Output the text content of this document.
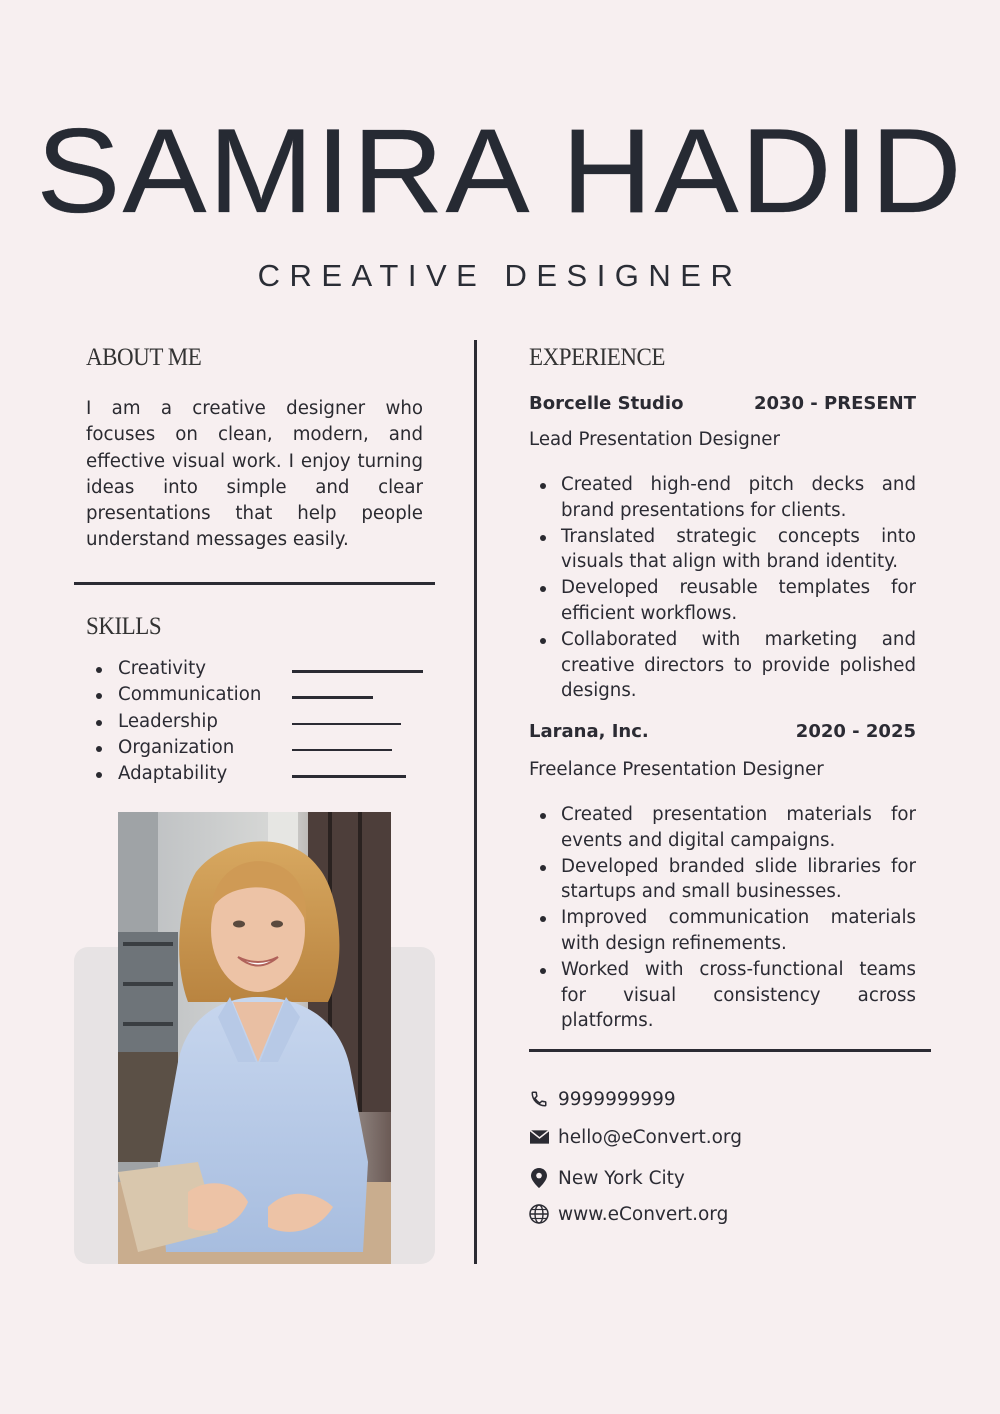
SAMIRA HADID
CREATIVE DESIGNER
ABOUT ME

I am a creative designer who focuses on clean, modern, and effective visual work. I enjoy turning ideas into simple and clear presentations that help people understand messages easily.

SKILLS
Creativity
Communication
Leadership
Organization
Adaptability
EXPERIENCE
Borcelle Studio	2030 - PRESENT
Lead Presentation Designer
Created high-end pitch decks and brand presentations for clients.
Translated strategic concepts into visuals that align with brand identity.
Developed reusable templates for efficient workflows.
Collaborated with marketing and creative directors to provide polished designs.
Larana, Inc.	2020 - 2025
Freelance Presentation Designer
Created presentation materials for events and digital campaigns.
Developed branded slide libraries for startups and small businesses.
Improved communication materials with design refinements.
Worked with cross-functional teams for visual consistency across platforms.
9999999999
hello@eConvert.org
New York City
www.eConvert.org
